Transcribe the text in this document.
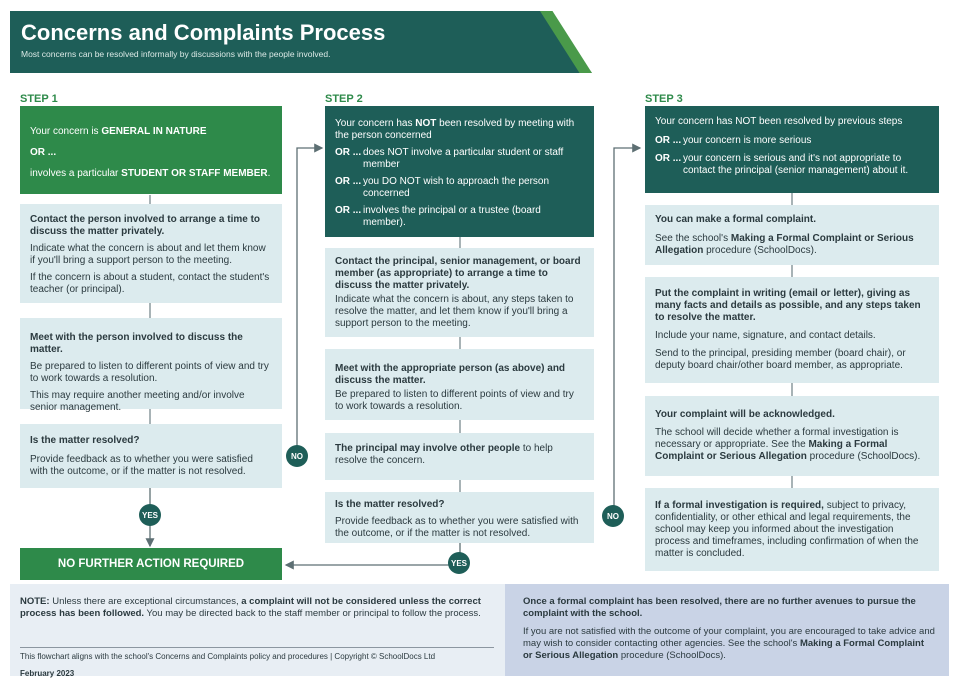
Concerns and Complaints Process
Most concerns can be resolved informally by discussions with the people involved.
STEP 1

Your concern is GENERAL IN NATURE

OR ...

involves a particular STUDENT OR STAFF MEMBER.

Contact the person involved to arrange a time to discuss the matter privately.

Indicate what the concern is about and let them know if you'll bring a support person to the meeting.

If the concern is about a student, contact the student's teacher (or principal).

Meet with the person involved to discuss the matter.

Be prepared to listen to different points of view and try to work towards a resolution.

This may require another meeting and/or involve senior management.

Is the matter resolved?

Provide feedback as to whether you were satisfied with the outcome, or if the matter is not resolved.

NO
YES
NO FURTHER ACTION REQUIRED
STEP 2

Your concern has NOT been resolved by meeting with the person concerned

OR ... does NOT involve a particular student or staff member
OR ... you DO NOT wish to approach the person concerned
OR ... involves the principal or a trustee (board member).

Contact the principal, senior management, or board member (as appropriate) to arrange a time to discuss the matter privately.

Indicate what the concern is about, any steps taken to resolve the matter, and let them know if you'll bring a support person to the meeting.

Meet with the appropriate person (as above) and discuss the matter.

Be prepared to listen to different points of view and try to work towards a resolution.

The principal may involve other people to help resolve the concern.

Is the matter resolved?

Provide feedback as to whether you were satisfied with the outcome, or if the matter is not resolved.

NO
YES
STEP 3

Your concern has NOT been resolved by previous steps

OR ... your concern is more serious
OR ... your concern is serious and it's not appropriate to contact the principal (senior management) about it.

You can make a formal complaint.

See the school's Making a Formal Complaint or Serious Allegation procedure (SchoolDocs).

Put the complaint in writing (email or letter), giving as many facts and details as possible, and any steps taken to resolve the matter.

Include your name, signature, and contact details.

Send to the principal, presiding member (board chair), or deputy board chair/other board member, as appropriate.

Your complaint will be acknowledged.

The school will decide whether a formal investigation is necessary or appropriate. See the Making a Formal Complaint or Serious Allegation procedure (SchoolDocs).

If a formal investigation is required, subject to privacy, confidentiality, or other ethical and legal requirements, the school may keep you informed about the investigation process and timeframes, including confirmation of when the matter is concluded.

NOTE: Unless there are exceptional circumstances, a complaint will not be considered unless the correct process has been followed. You may be directed back to the staff member or principal to follow the process.

Once a formal complaint has been resolved, there are no further avenues to pursue the complaint with the school.

If you are not satisfied with the outcome of your complaint, you are encouraged to take advice and may wish to consider contacting other agencies. See the school's Making a Formal Complaint or Serious Allegation procedure (SchoolDocs).

This flowchart aligns with the school's Concerns and Complaints policy and procedures | Copyright © SchoolDocs Ltd
February 2023
